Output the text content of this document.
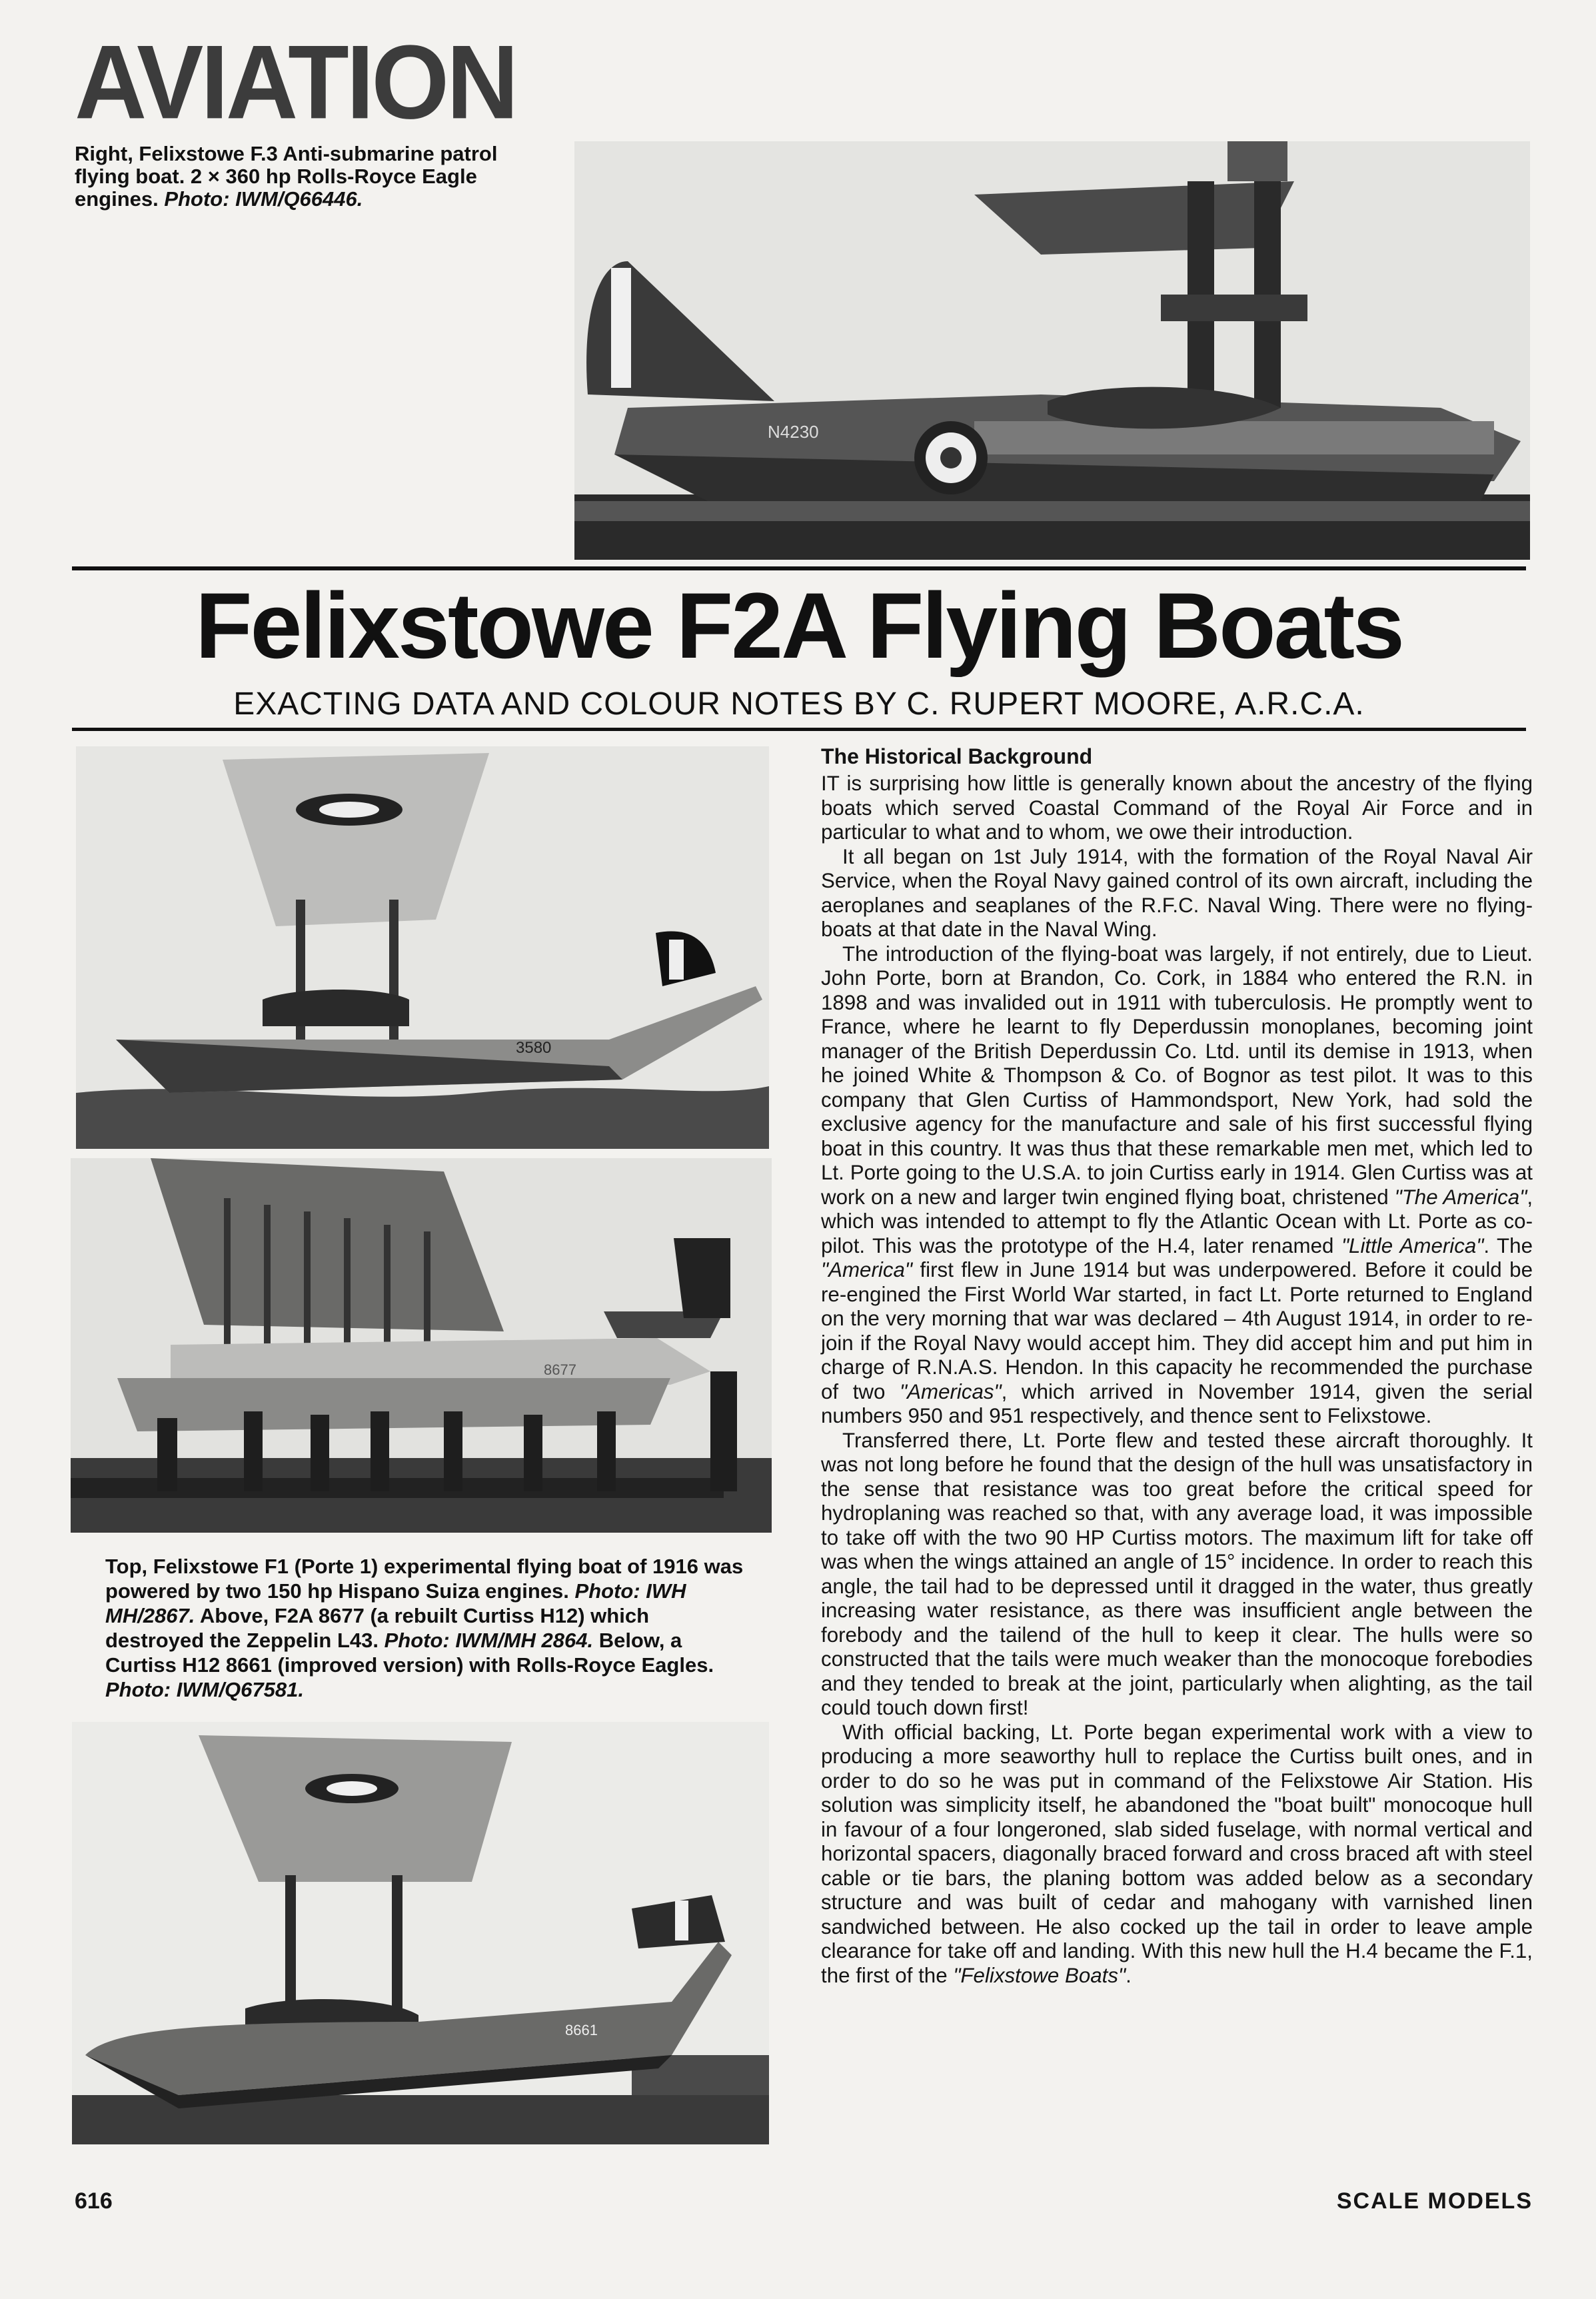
AVIATION
Right, Felixstowe F.3 Anti-submarine patrol flying boat. 2 × 360 hp Rolls-Royce Eagle engines. Photo: IWM/Q66446.
N4230
Felixstowe F2A Flying Boats
EXACTING DATA AND COLOUR NOTES BY C. RUPERT MOORE, A.R.C.A.
3580
8677
Top, Felixstowe F1 (Porte 1) experimental flying boat of 1916 was powered by two 150 hp Hispano Suiza engines. Photo: IWH MH/2867. Above, F2A 8677 (a rebuilt Curtiss H12) which destroyed the Zeppelin L43. Photo: IWM/MH 2864. Below, a Curtiss H12 8661 (improved version) with Rolls-Royce Eagles. Photo: IWM/Q67581.
8661
The Historical Background

IT is surprising how little is generally known about the ancestry of the flying boats which served Coastal Command of the Royal Air Force and in particular to what and to whom, we owe their introduction.

It all began on 1st July 1914, with the formation of the Royal Naval Air Service, when the Royal Navy gained control of its own aircraft, including the aeroplanes and seaplanes of the R.F.C. Naval Wing. There were no flying-boats at that date in the Naval Wing.

The introduction of the flying-boat was largely, if not entirely, due to Lieut. John Porte, born at Brandon, Co. Cork, in 1884 who entered the R.N. in 1898 and was invalided out in 1911 with tuberculosis. He promptly went to France, where he learnt to fly Deperdussin monoplanes, becoming joint manager of the British Deperdussin Co. Ltd. until its demise in 1913, when he joined White & Thompson & Co. of Bognor as test pilot. It was to this company that Glen Curtiss of Hammondsport, New York, had sold the exclusive agency for the manufacture and sale of his first successful flying boat in this country. It was thus that these remarkable men met, which led to Lt. Porte going to the U.S.A. to join Curtiss early in 1914. Glen Curtiss was at work on a new and larger twin engined flying boat, christened "The America", which was intended to attempt to fly the Atlantic Ocean with Lt. Porte as co-pilot. This was the prototype of the H.4, later renamed "Little America". The "America" first flew in June 1914 but was underpowered. Before it could be re-engined the First World War started, in fact Lt. Porte returned to England on the very morning that war was declared – 4th August 1914, in order to re-join if the Royal Navy would accept him. They did accept him and put him in charge of R.N.A.S. Hendon. In this capacity he recommended the purchase of two "Americas", which arrived in November 1914, given the serial numbers 950 and 951 respectively, and thence sent to Felixstowe.

Transferred there, Lt. Porte flew and tested these aircraft thoroughly. It was not long before he found that the design of the hull was unsatisfactory in the sense that resistance was too great before the critical speed for hydroplaning was reached so that, with any average load, it was impossible to take off with the two 90 HP Curtiss motors. The maximum lift for take off was when the wings attained an angle of 15° incidence. In order to reach this angle, the tail had to be depressed until it dragged in the water, thus greatly increasing water resistance, as there was insufficient angle between the forebody and the tailend of the hull to keep it clear. The hulls were so constructed that the tails were much weaker than the monocoque forebodies and they tended to break at the joint, particularly when alighting, as the tail could touch down first!

With official backing, Lt. Porte began experimental work with a view to producing a more seaworthy hull to replace the Curtiss built ones, and in order to do so he was put in command of the Felixstowe Air Station. His solution was simplicity itself, he abandoned the "boat built" monocoque hull in favour of a four longeroned, slab sided fuselage, with normal vertical and horizontal spacers, diagonally braced forward and cross braced aft with steel cable or tie bars, the planing bottom was added below as a secondary structure and was built of cedar and mahogany with varnished linen sandwiched between. He also cocked up the tail in order to leave ample clearance for take off and landing. With this new hull the H.4 became the F.1, the first of the "Felixstowe Boats".

616	SCALE MODELS
